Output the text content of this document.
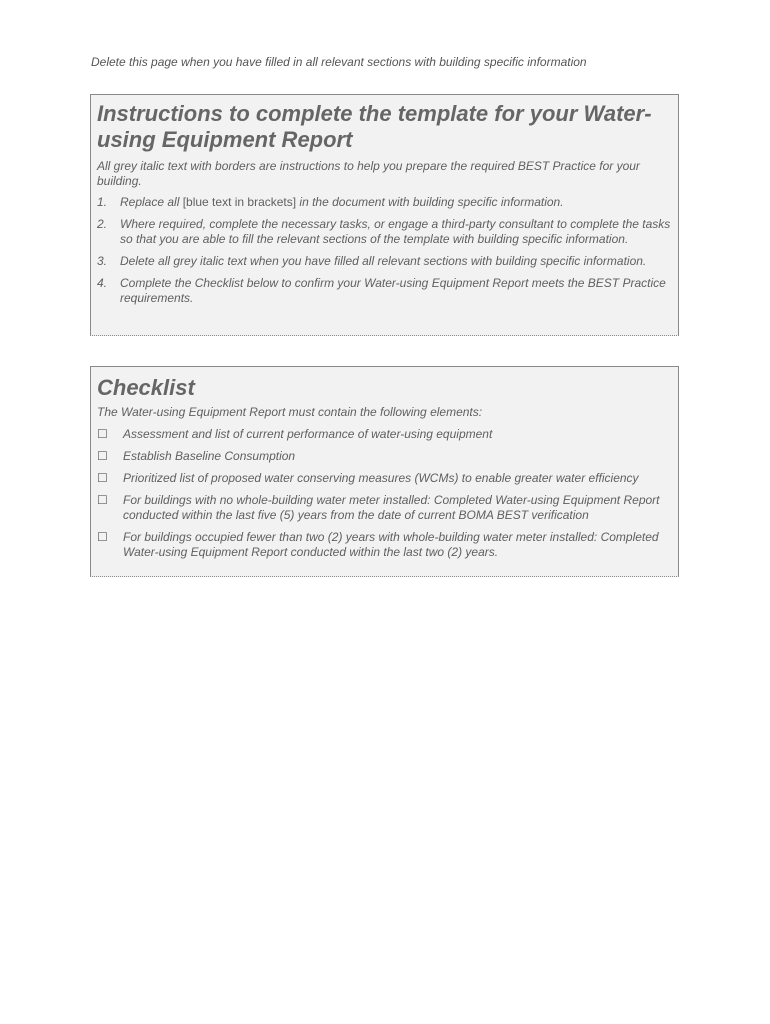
Delete this page when you have filled in all relevant sections with building specific information

Instructions to complete the template for your Water-using Equipment Report

All grey italic text with borders are instructions to help you prepare the required BEST Practice for your building.

1.	Replace all [blue text in brackets] in the document with building specific information.
2.	Where required, complete the necessary tasks, or engage a third-party consultant to complete the tasks so that you are able to fill the relevant sections of the template with building specific information.
3.	Delete all grey italic text when you have filled all relevant sections with building specific information.
4.	Complete the Checklist below to confirm your Water-using Equipment Report meets the BEST Practice requirements.
Checklist

The Water-using Equipment Report must contain the following elements:

☐	Assessment and list of current performance of water-using equipment
☐	Establish Baseline Consumption
☐	Prioritized list of proposed water conserving measures (WCMs) to enable greater water efficiency
☐	For buildings with no whole-building water meter installed: Completed Water-using Equipment Report conducted within the last five (5) years from the date of current BOMA BEST verification
☐	For buildings occupied fewer than two (2) years with whole-building water meter installed: Completed Water-using Equipment Report conducted within the last two (2) years.
